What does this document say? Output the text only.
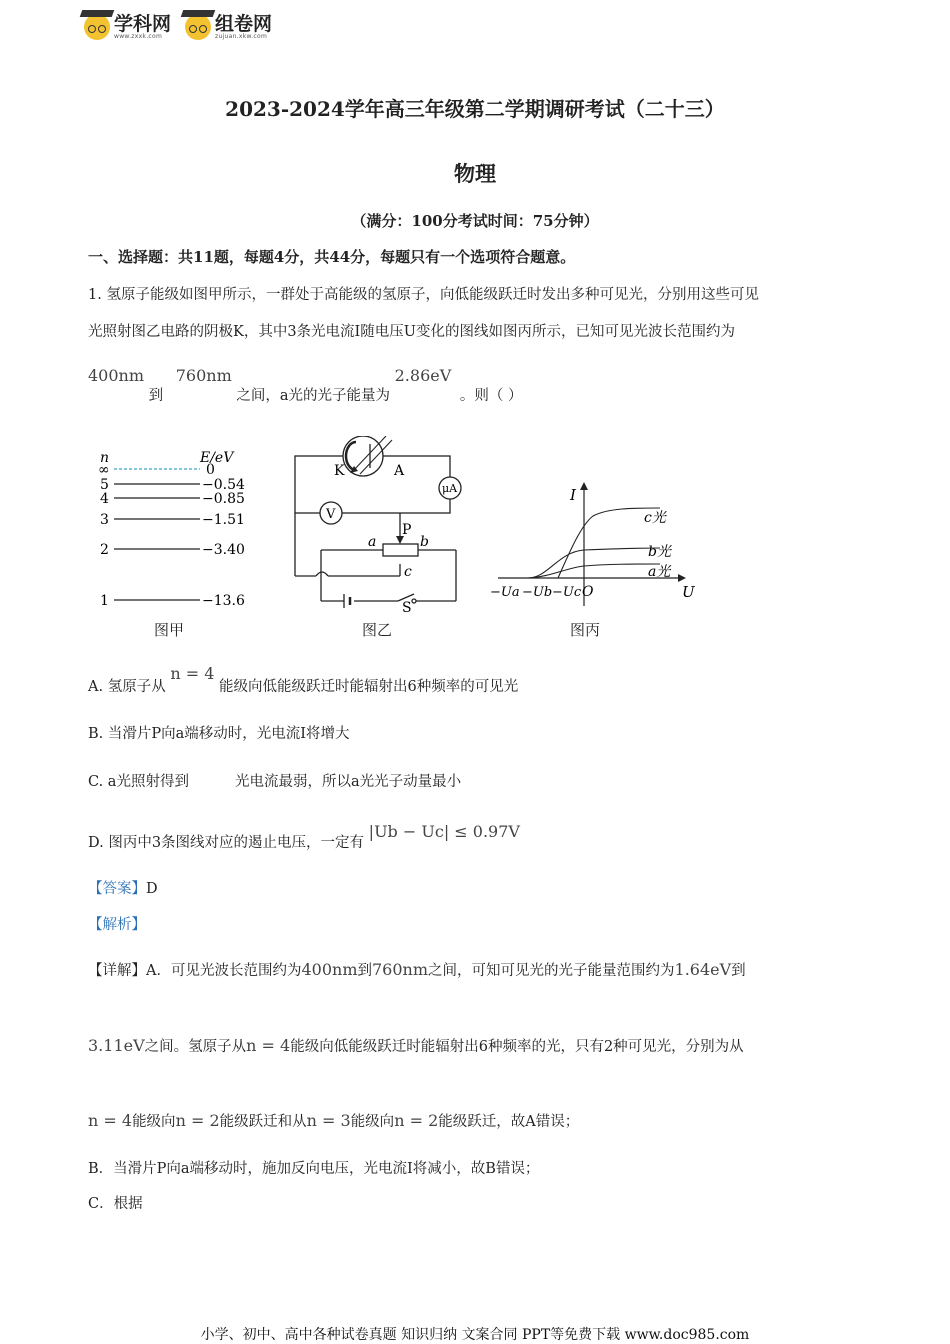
学科网
www.zxxk.com
组卷网
zujuan.xkw.com
2023-2024学年高三年级第二学期调研考试（二十三）
物理
（满分：100分考试时间：75分钟）
一、选择题：共11题，每题4分，共44分，每题只有一个选项符合题意。
1. 氢原子能级如图甲所示，一群处于高能级的氢原子，向低能级跃迁时发出多种可见光，分别用这些可见
光照射图乙电路的阴极K，其中3条光电流I随电压U变化的图线如图丙所示，已知可见光波长范围约为
400nm 到 760nm 之间，a光的光子能量为 2.86eV 。则（ ）
n	E/eV
∞	0
5	−0.54
4	−0.85
3	−1.51
2	−3.40
1	−13.6
K	A
μA
V
P
a	b
c
S
I
U
O
c光
b光
a光
−Ua −Ub −Uc
图甲	图乙	图丙
A. 氢原子从 n = 4 能级向低能级跃迁时能辐射出6种频率的可见光
B. 当滑片P向a端移动时，光电流I将增大
C. a光照射得到	光电流最弱，所以a光光子动量最小
D. 图丙中3条图线对应的遏止电压，一定有 |Ub − Uc| ≤ 0.97V
【答案】D
【解析】
【详解】A．可见光波长范围约为400nm到760nm之间，可知可见光的光子能量范围约为1.64eV到
3.11eV之间。氢原子从n = 4能级向低能级跃迁时能辐射出6种频率的光，只有2种可见光，分别为从
n = 4能级向n = 2能级跃迁和从n = 3能级向n = 2能级跃迁，故A错误；
B．当滑片P向a端移动时，施加反向电压，光电流I将减小，故B错误；
C．根据
小学、初中、高中各种试卷真题 知识归纳 文案合同 PPT等免费下载 www.doc985.com
